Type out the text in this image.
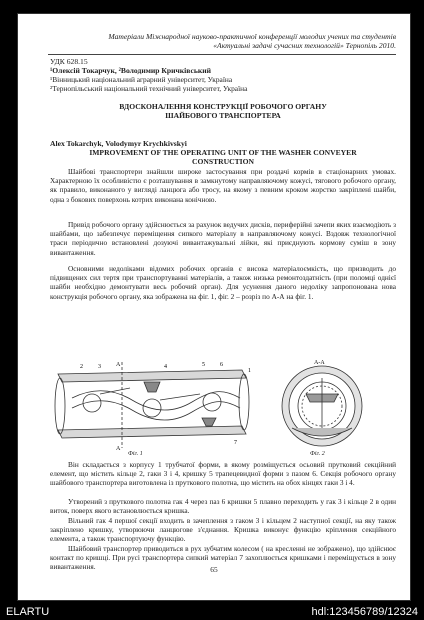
Матеріали Міжнародної науково-практичної конференції молодих учених та студентів
«Актуальні задачі сучасних технологій» Тернопіль 2010.
УДК 628.15
¹Олексій Токарчук, ²Володимир Кричківський
¹Вінницький національний аграрний університет, Україна
²Тернопільський національний технічний університет, Україна
ВДОСКОНАЛЕННЯ КОНСТРУКЦІЇ РОБОЧОГО ОРГАНУ
ШАЙБОВОГО ТРАНСПОРТЕРА
Alex Tokarchyk, Volodymyr Krychkivskyi
IMPROVEMENT OF THE OPERATING UNIT OF THE WASHER CONVEYER
CONSTRUCTION
Шайбові транспортери знайшли широке застосування при роздачі кормів в стаціонарних умовах. Характерною їх особливістю є розташування в замкнутому направляючому кожусі, тягового робочого органу, як правило, виконаного у вигляді ланцюга або тросу, на якому з певним кроком жорстко закріплені шайби, одна з бокових поверхонь котрих виконана конічною.
Привід робочого органу здійснюється за рахунок ведучих дисків, периферійні зачепи яких взаємодіють з шайбами, що забезпечує переміщення сипкого матеріалу в направляючому кожусі. Вздовж технологічної траси періодично встановлені дозуючі вивантажувальні лійки, які приєднують кормову суміш в зону вивантаження.
Основними недоліками відомих робочих органів є висока матеріалоємкість, що призводить до підвищених сил тертя при транспортуванні матеріалів, а також низька ремонтоздатність (при поломці однієї шайби необхідно демонтувати весь робочий орган). Для усунення даного недоліку запропонована нова конструкція робочого органу, яка зображена на фіг. 1, фіг. 2 – розріз по А-А на фіг. 1.
A
1
2	3	4	5	6
7
A
A-A
Фіг. 1	Фіг. 2
Він складається з корпусу 1 трубчатої форми, в якому розміщується осьовий прутковий секційний елемент, що містить кільце 2, гаки 3 і 4, кришку 5 трапецевидної форми з пазом 6. Секція робочого органу шайбового транспортера виготовлена із пруткового полотна, що містить на обох кінцях гаки 3 і 4.
Утворений з пруткового полотна гак 4 через паз 6 кришки 5 плавно переходить у гак 3 і кільце 2 в один виток, поверх якого встановлюється кришка.
Вільний гак 4 першої секції входить в зачеплення з гаком 3 і кільцем 2 наступної секції, на яку також закріплено кришку, утворюючи ланцюгове з'єднання. Кришка виконує функцію кріплення секційного елемента, а також транспортуючу функцію.
Шайбовий транспортер приводиться в рух зубчатим колесом ( на кресленні не зображено), що здійснює контакт по кришці. При русі транспортера сипкий матеріал 7 захоплюється кришками і переміщується в зону вивантаження.	65
ELARTU	hdl:123456789/12324
